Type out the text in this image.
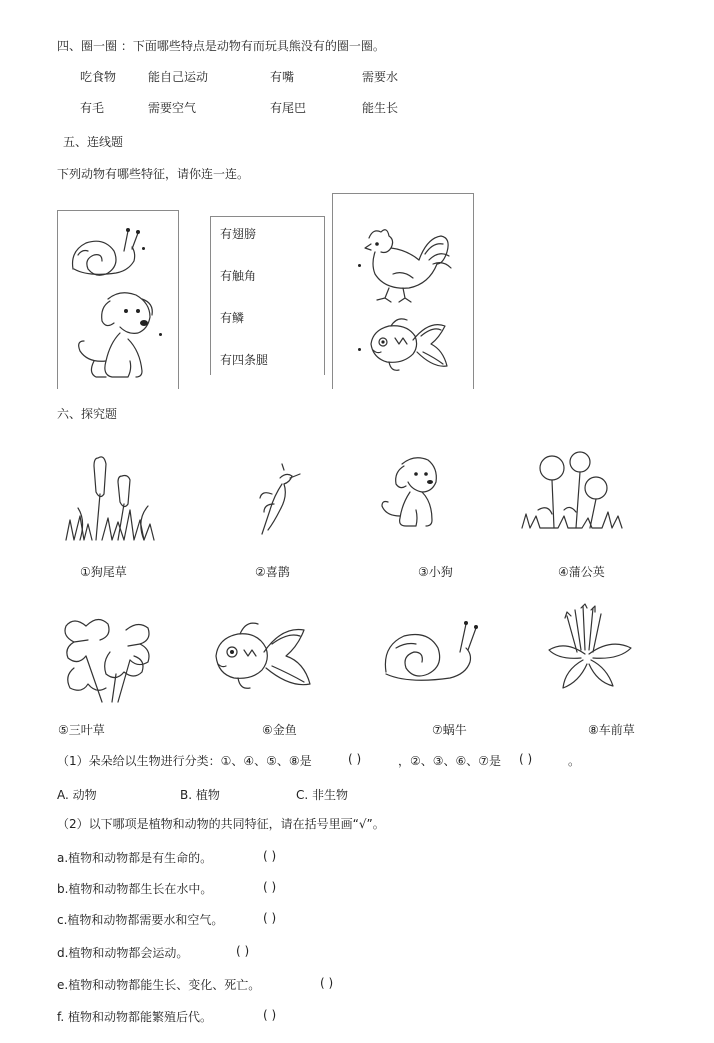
四、圈一圈 ：下面哪些特点是动物有而玩具熊没有的圈一圈。
吃食物	能自己运动	有嘴	需要水
有毛	需要空气	有尾巴	能生长
五、连线题
下列动物有哪些特征，请你连一连。
有翅膀
有触角
有鳞
有四条腿
六、探究题
①狗尾草	②喜鹊	③小狗	④蒲公英
⑤三叶草	⑥金鱼	⑦蜗牛	⑧车前草
（1）朵朵给以生物进行分类：①、④、⑤、⑧是	( )	，②、③、⑥、⑦是 ( )	。
A. 动物	B. 植物	C. 非生物
（2）以下哪项是植物和动物的共同特征，请在括号里画“√”。
a.植物和动物都是有生命的。	( )
b.植物和动物都生长在水中。	( )
c.植物和动物都需要水和空气。	( )
d.植物和动物都会运动。	( )
e.植物和动物都能生长、变化、死亡。	( )
f. 植物和动物都能繁殖后代。	( )
